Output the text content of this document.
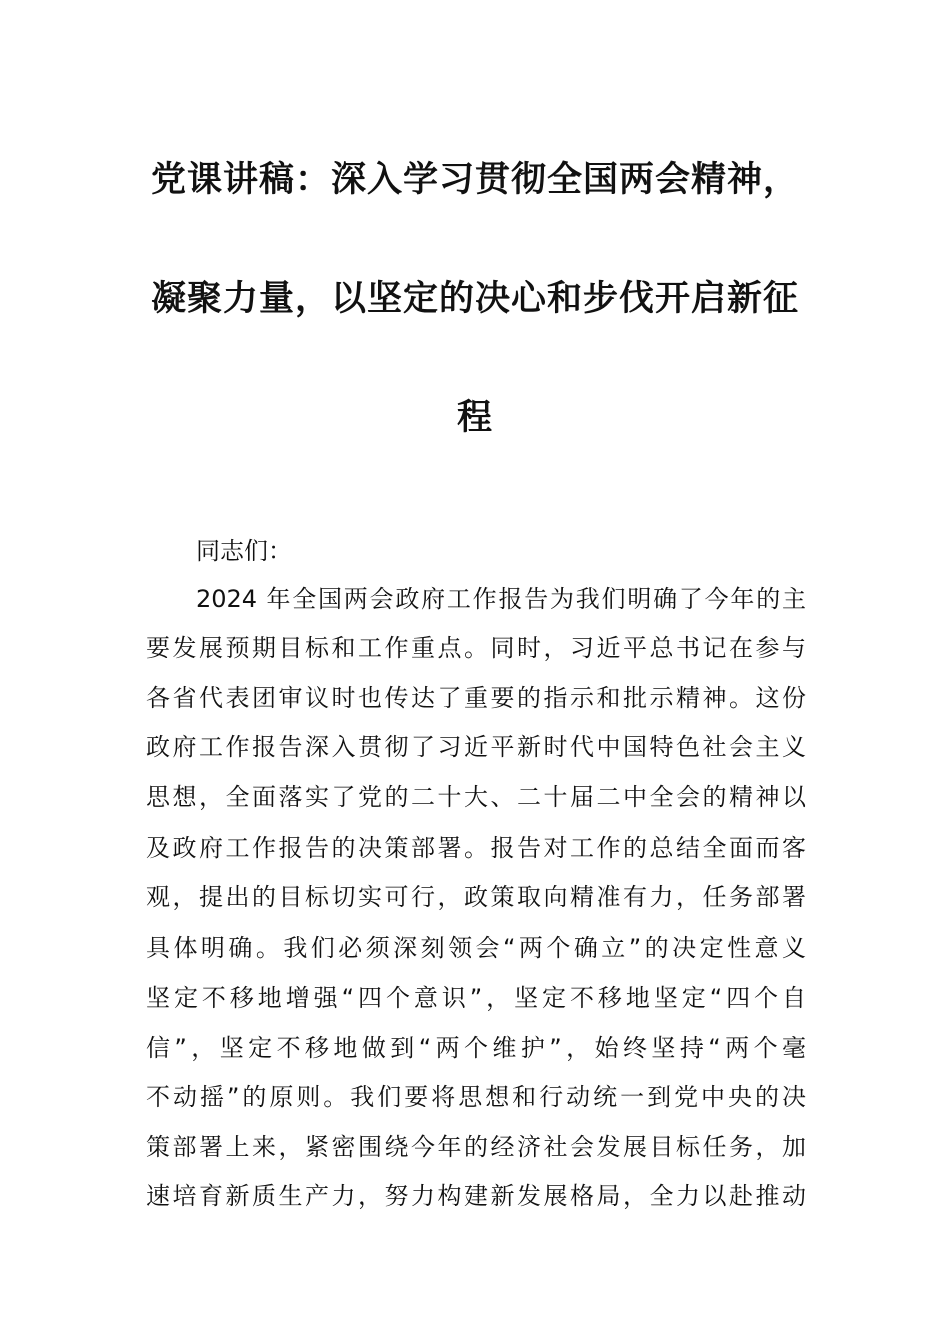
党课讲稿：深入学习贯彻全国两会精神，
凝聚力量，以坚定的决心和步伐开启新征
程
同志们：
2024 年全国两会政府工作报告为我们明确了今年的主
要发展预期目标和工作重点。同时，习近平总书记在参与
各省代表团审议时也传达了重要的指示和批示精神。这份
政府工作报告深入贯彻了习近平新时代中国特色社会主义
思想，全面落实了党的二十大、二十届二中全会的精神以
及政府工作报告的决策部署。报告对工作的总结全面而客
观，提出的目标切实可行，政策取向精准有力，任务部署
具体明确。我们必须深刻领会“两个确立”的决定性意义
坚定不移地增强“四个意识”，坚定不移地坚定“四个自
信”，坚定不移地做到“两个维护”，始终坚持“两个毫
不动摇”的原则。我们要将思想和行动统一到党中央的决
策部署上来，紧密围绕今年的经济社会发展目标任务，加
速培育新质生产力，努力构建新发展格局，全力以赴推动
